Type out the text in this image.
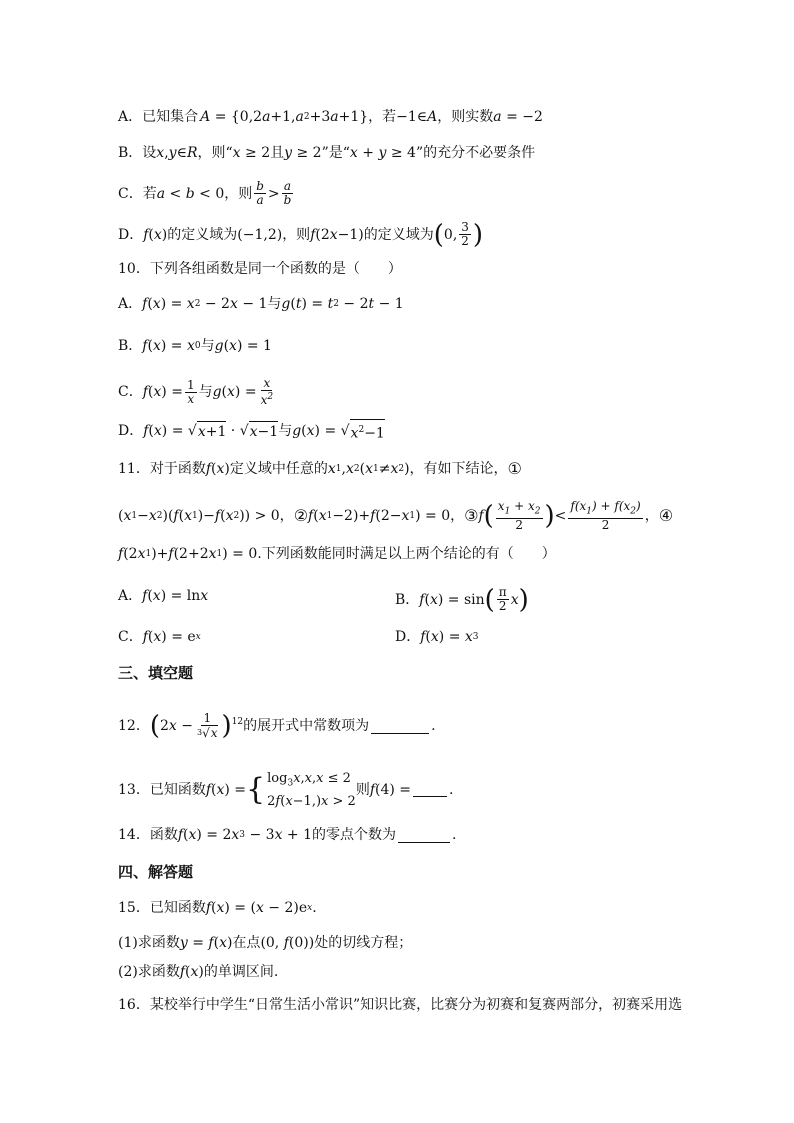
A． 已知集合 A = {0,2 a +1, a 2 +3 a +1} ，若 −1∈ A ，则实数 a = −2
B． 设 x , y ∈ R ，则“ x ≥ 2 且 y ≥ 2 ”是“ x + y ≥ 4 ”的充分不必要条件
C． 若 a < b < 0 ，则 $\frac{b}{a} > \frac{a}{b}$
D． f ( x ) 的定义域为 (−1,2) ，则 f (2 x −1) 的定义域为 ( 0, $\frac{3}{2}$ )
10．下列各组函数是同一个函数的是（　　）
A． f ( x ) = x 2 − 2 x − 1 与 g ( t ) = t 2 − 2 t − 1
B． f ( x ) = x 0 与 g ( x ) = 1
C． f ( x ) = $\frac{1}{x}$ 与 g ( x ) = $\frac{x}{x^2}$
D． f ( x ) = √ x+1 · √ x−1 与 g ( x ) = √ $x^2-1$
11．对于函数 f ( x ) 定义域中任意的 x 1 , x 2 ( x 1 ≠ x 2 ) ，有如下结论， ①
( x 1 − x 2 )( f ( x 1 )− f ( x 2 )) > 0， ② f ( x 1 −2)+ f (2− x 1 ) = 0， ③ f ( $\frac{x_1 + x_2}{2}$ ) < $\frac{f(x_1) + f(x_2)}{2}$ ， ④
f (2 x 1 )+ f (2+2 x 1 ) = 0 .下列函数能同时满足以上两个结论的有（　　）
A． f ( x ) = ln x	B． f ( x ) = sin ( $\frac{\pi}{2}$ x )
C． f ( x ) = e x	D． f ( x ) = x 3
三、填空题
12． ( 2 $x - \frac{1}{^3√x} )^{12}$ 的展开式中常数项为	.
13．已知函数 f ( x ) = { $\log_3x,x,x \le 2$
2f(x−1,)x > 2
则 f (4) =	.
14．函数 f ( x ) = 2 x 3 − 3 x + 1 的零点个数为	.
四、解答题
15．已知函数 f ( x ) = ( x − 2)e x .
(1)求函数 y = f ( x ) 在点 (0, f (0)) 处的切线方程；
(2)求函数 f ( x ) 的单调区间.
16．某校举行中学生“日常生活小常识”知识比赛，比赛分为初赛和复赛两部分，初赛采用选
